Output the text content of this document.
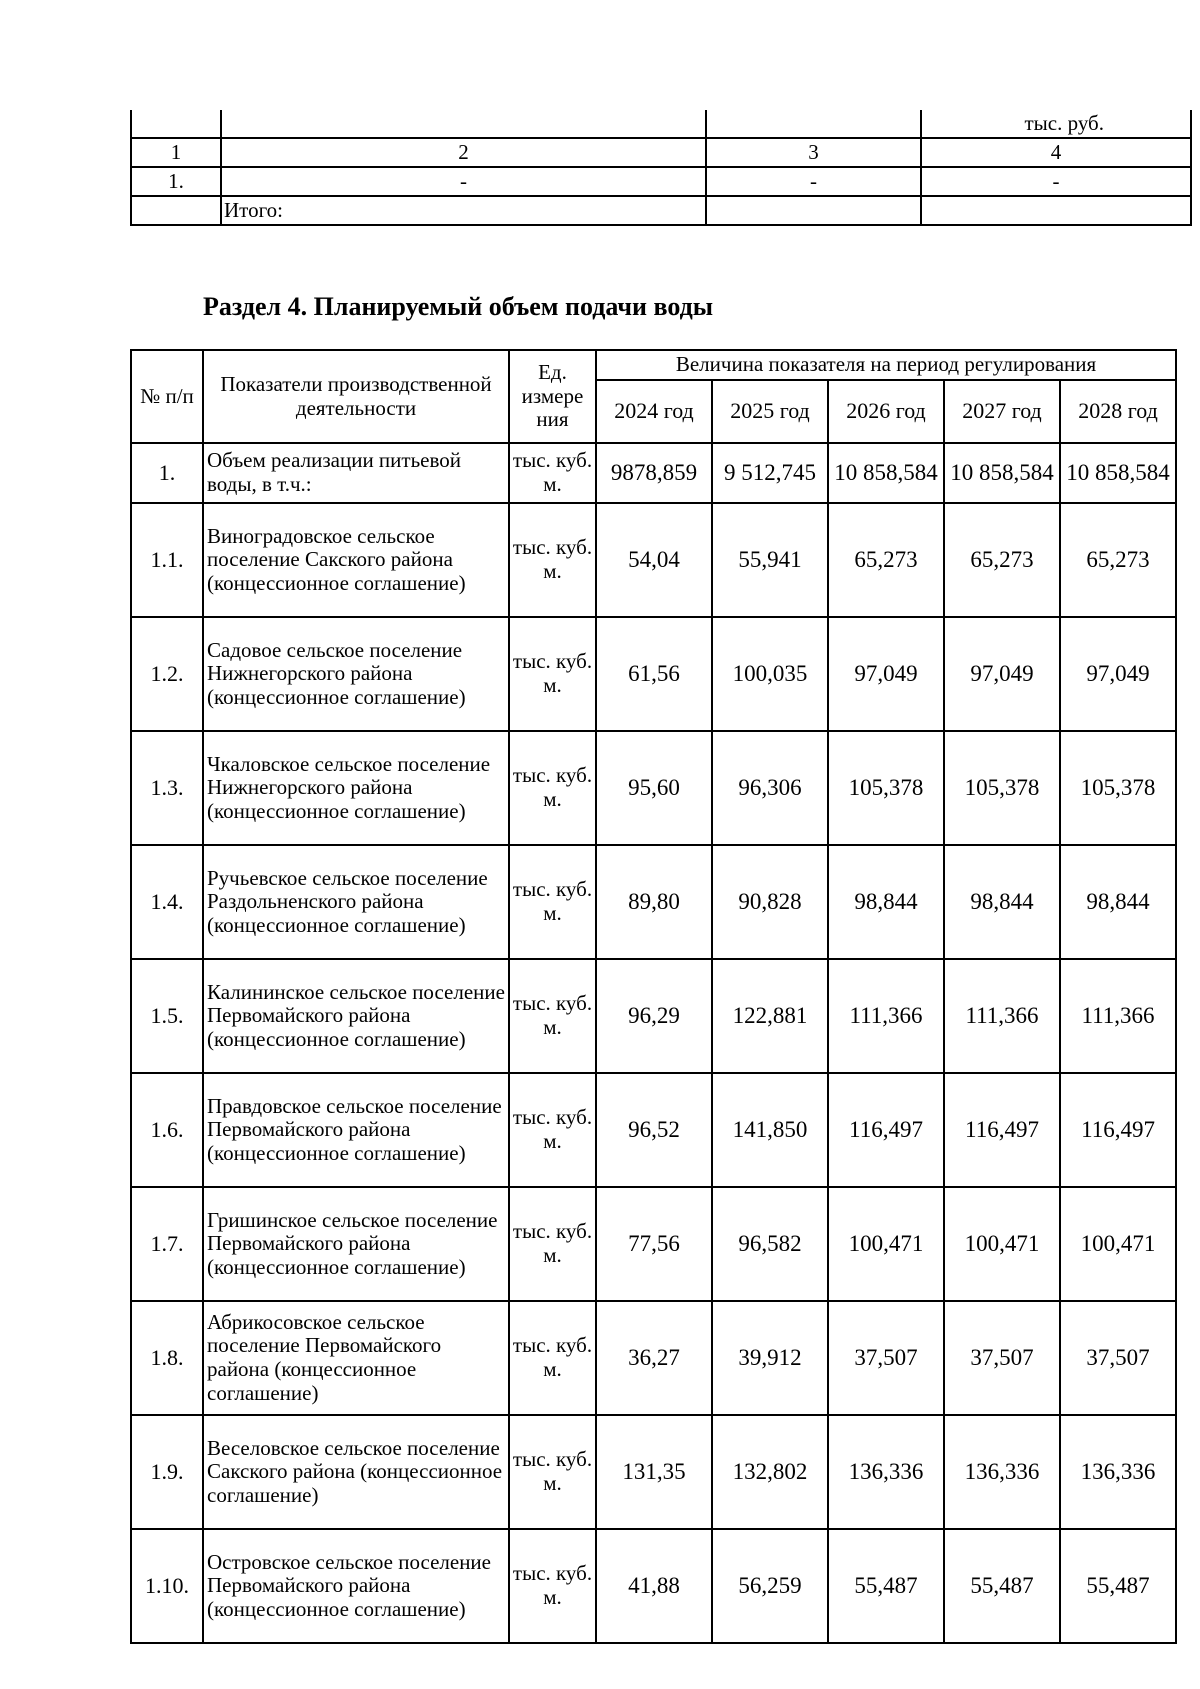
			тыс. руб.
1	2	3	4
1.	-	-	-
	Итого:		
Раздел 4. Планируемый объем подачи воды
№ п/п	Показатели производственной деятельности	Ед. измере ния	Величина показателя на период регулирования				
			2024 год	2025 год	2026 год	2027 год	2028 год
1.	Объем реализации питьевой воды, в т.ч.:	тыс. куб. м.	9878,859	9 512,745	10 858,584	10 858,584	10 858,584
1.1.	Виноградовское сельское поселение Сакского района (концессионное соглашение)	тыс. куб. м.	54,04	55,941	65,273	65,273	65,273
1.2.	Садовое сельское поселение Нижнегорского района (концессионное соглашение)	тыс. куб. м.	61,56	100,035	97,049	97,049	97,049
1.3.	Чкаловское сельское поселение Нижнегорского района (концессионное соглашение)	тыс. куб. м.	95,60	96,306	105,378	105,378	105,378
1.4.	Ручьевское сельское поселение Раздольненского района (концессионное соглашение)	тыс. куб. м.	89,80	90,828	98,844	98,844	98,844
1.5.	Калининское сельское поселение Первомайского района (концессионное соглашение)	тыс. куб. м.	96,29	122,881	111,366	111,366	111,366
1.6.	Правдовское сельское поселение Первомайского района (концессионное соглашение)	тыс. куб. м.	96,52	141,850	116,497	116,497	116,497
1.7.	Гришинское сельское поселение Первомайского района (концессионное соглашение)	тыс. куб. м.	77,56	96,582	100,471	100,471	100,471
1.8.	Абрикосовское сельское поселение Первомайского района (концессионное соглашение)	тыс. куб. м.	36,27	39,912	37,507	37,507	37,507
1.9.	Веселовское сельское поселение Сакского района (концессионное соглашение)	тыс. куб. м.	131,35	132,802	136,336	136,336	136,336
1.10.	Островское сельское поселение Первомайского района (концессионное соглашение)	тыс. куб. м.	41,88	56,259	55,487	55,487	55,487
